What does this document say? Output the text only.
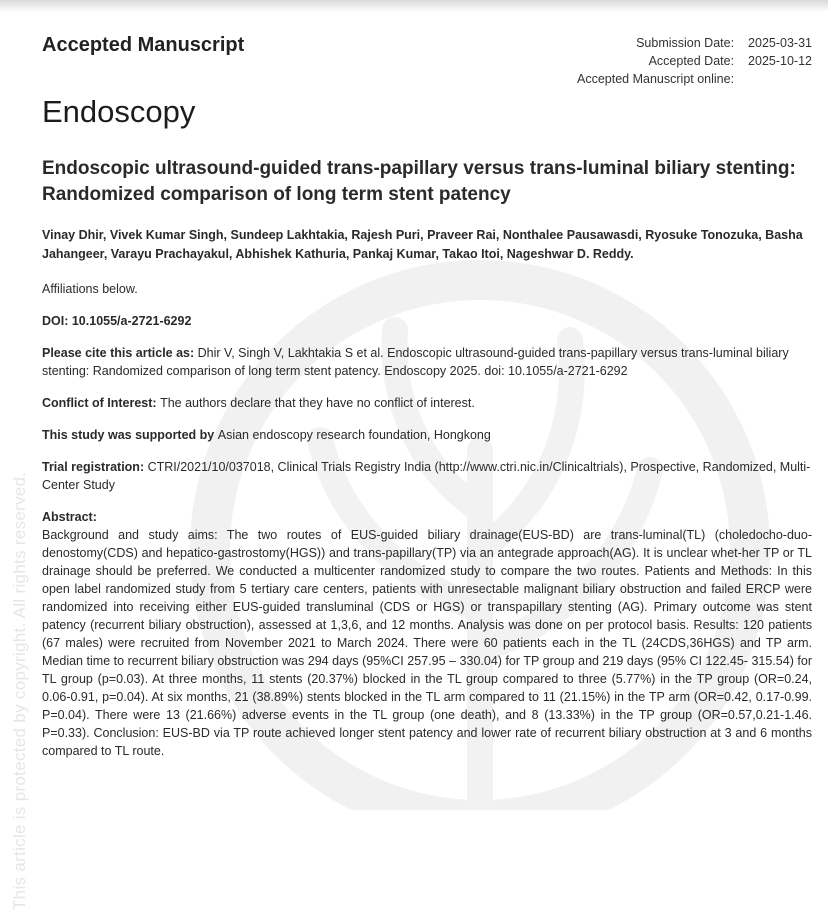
This article is protected by copyright. All rights reserved.
Accepted Manuscript	Submission Date:	2025-03-31
Accepted Date:	2025-10-12
Accepted Manuscript online:	
Endoscopy
Endoscopic ultrasound-guided trans-papillary versus trans-luminal biliary stenting: Randomized comparison of long term stent patency
Vinay Dhir, Vivek Kumar Singh, Sundeep Lakhtakia, Rajesh Puri, Praveer Rai, Nonthalee Pausawasdi, Ryosuke Tonozuka, Basha Jahangeer, Varayu Prachayakul, Abhishek Kathuria, Pankaj Kumar, Takao Itoi, Nageshwar D. Reddy.
Affiliations below.
DOI: 10.1055/a-2721-6292
Please cite this article as: Dhir V, Singh V, Lakhtakia S et al. Endoscopic ultrasound-guided trans-papillary versus trans-luminal biliary stenting: Randomized comparison of long term stent patency. Endoscopy 2025. doi: 10.1055/a-2721-6292
Conflict of Interest: The authors declare that they have no conflict of interest.
This study was supported by Asian endoscopy research foundation, Hongkong
Trial registration: CTRI/2021/10/037018, Clinical Trials Registry India (http://www.ctri.nic.in/Clinicaltrials), Prospective, Randomized, Multi-Center Study
Abstract:
Background and study aims: The two routes of EUS-guided biliary drainage(EUS-BD) are trans-luminal(TL) (choledocho-duo-denostomy(CDS) and hepatico-gastrostomy(HGS)) and trans-papillary(TP) via an antegrade approach(AG). It is unclear whet-her TP or TL drainage should be preferred. We conducted a multicenter randomized study to compare the two routes. Patients and Methods: In this open label randomized study from 5 tertiary care centers, patients with unresectable malignant biliary obstruction and failed ERCP were randomized into receiving either EUS-guided transluminal (CDS or HGS) or transpapillary stenting (AG). Primary outcome was stent patency (recurrent biliary obstruction), assessed at 1,3,6, and 12 months. Analysis was done on per protocol basis. Results: 120 patients (67 males) were recruited from November 2021 to March 2024. There were 60 patients each in the TL (24CDS,36HGS) and TP arm. Median time to recurrent biliary obstruction was 294 days (95%CI 257.95 – 330.04) for TP group and 219 days (95% CI 122.45- 315.54) for TL group (p=0.03). At three months, 11 stents (20.37%) blocked in the TL group compared to three (5.77%) in the TP group (OR=0.24, 0.06-0.91, p=0.04). At six months, 21 (38.89%) stents blocked in the TL arm compared to 11 (21.15%) in the TP arm (OR=0.42, 0.17-0.99. P=0.04). There were 13 (21.66%) adverse events in the TL group (one death), and 8 (13.33%) in the TP group (OR=0.57,0.21-1.46. P=0.33). Conclusion: EUS-BD via TP route achieved longer stent patency and lower rate of recurrent biliary obstruction at 3 and 6 months compared to TL route.
